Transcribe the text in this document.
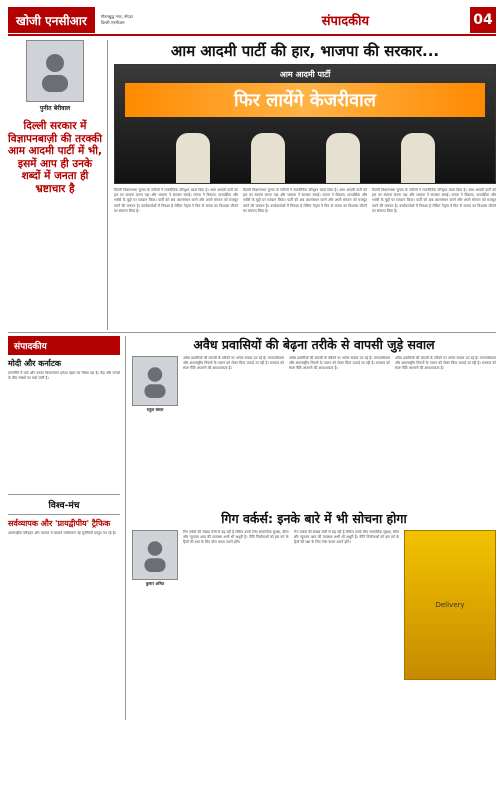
खोजी एनसीआर	गौतमबुद्ध नगर, नोएडा
दिल्ली एनसीआर	संपादकीय	04
पुनीत बेरीवाल
दिल्ली सरकार में विज्ञापनबाज़ी की तरक्की आम आदमी पार्टी में भी, इसमें आप ही उनके शब्दों में जनता ही भ्रष्टाचार है
आम आदमी पार्टी की हार, भाजपा की सरकार...
आम आदमी पार्टी
फिर लायेंगे केजरीवाल
दिल्ली विधानसभा चुनाव के नतीजों ने राजनीतिक परिदृश्य बदल दिया है। आम आदमी पार्टी को हार का सामना करना पड़ा और भाजपा ने सरकार बनाई। जनता ने विकास, पारदर्शिता और भरोसे के मुद्दों पर मतदान किया। पार्टी को अब आत्ममंथन करने और अपने संगठन को मजबूत करने की जरूरत है। कार्यकर्ताओं में निराशा है लेकिन नेतृत्व ने फिर से जनता का विश्वास जीतने का संकल्प लिया है।
दिल्ली विधानसभा चुनाव के नतीजों ने राजनीतिक परिदृश्य बदल दिया है। आम आदमी पार्टी को हार का सामना करना पड़ा और भाजपा ने सरकार बनाई। जनता ने विकास, पारदर्शिता और भरोसे के मुद्दों पर मतदान किया। पार्टी को अब आत्ममंथन करने और अपने संगठन को मजबूत करने की जरूरत है। कार्यकर्ताओं में निराशा है लेकिन नेतृत्व ने फिर से जनता का विश्वास जीतने का संकल्प लिया है।
दिल्ली विधानसभा चुनाव के नतीजों ने राजनीतिक परिदृश्य बदल दिया है। आम आदमी पार्टी को हार का सामना करना पड़ा और भाजपा ने सरकार बनाई। जनता ने विकास, पारदर्शिता और भरोसे के मुद्दों पर मतदान किया। पार्टी को अब आत्ममंथन करने और अपने संगठन को मजबूत करने की जरूरत है। कार्यकर्ताओं में निराशा है लेकिन नेतृत्व ने फिर से जनता का विश्वास जीतने का संकल्प लिया है।
संपादकीय
मोदी और कर्नाटक
राजनीति में वादे और उनका क्रियान्वयन हमेशा बहस का विषय रहा है। केंद्र और राज्यों के बीच संबंधों पर चर्चा जारी है।
विश्व-मंच
सर्वव्यापक और 'प्रायद्वीपीय' ट्रैफिक
अंतरराष्ट्रीय परिवहन और व्यापार में बदलते समीकरण नई चुनौतियाँ प्रस्तुत कर रहे हैं।
अवैध प्रवासियों की बेढ़ना तरीके से वापसी जुड़े सवाल
राहुल बंसल
अवैध प्रवासियों की वापसी के तरीकों पर अनेक सवाल उठ रहे हैं। मानवाधिकार और अंतरराष्ट्रीय नियमों के पालन को लेकर चिंता जताई जा रही है। सरकार को स्पष्ट नीति अपनाने की आवश्यकता है।
अवैध प्रवासियों की वापसी के तरीकों पर अनेक सवाल उठ रहे हैं। मानवाधिकार और अंतरराष्ट्रीय नियमों के पालन को लेकर चिंता जताई जा रही है। सरकार को स्पष्ट नीति अपनाने की आवश्यकता है।
अवैध प्रवासियों की वापसी के तरीकों पर अनेक सवाल उठ रहे हैं। मानवाधिकार और अंतरराष्ट्रीय नियमों के पालन को लेकर चिंता जताई जा रही है। सरकार को स्पष्ट नीति अपनाने की आवश्यकता है।
गिग वर्कर्स: इनके बारे में भी सोचना होगा
कुमार अमित
गिग वर्कर्स की संख्या तेजी से बढ़ रही है लेकिन उनके लिए सामाजिक सुरक्षा, बीमा और न्यूनतम आय की व्यवस्था अभी भी अधूरी है। नीति निर्माताओं को इस वर्ग के हितों की रक्षा के लिए ठोस कदम उठाने होंगे।
गिग वर्कर्स की संख्या तेजी से बढ़ रही है लेकिन उनके लिए सामाजिक सुरक्षा, बीमा और न्यूनतम आय की व्यवस्था अभी भी अधूरी है। नीति निर्माताओं को इस वर्ग के हितों की रक्षा के लिए ठोस कदम उठाने होंगे।
Delivery
